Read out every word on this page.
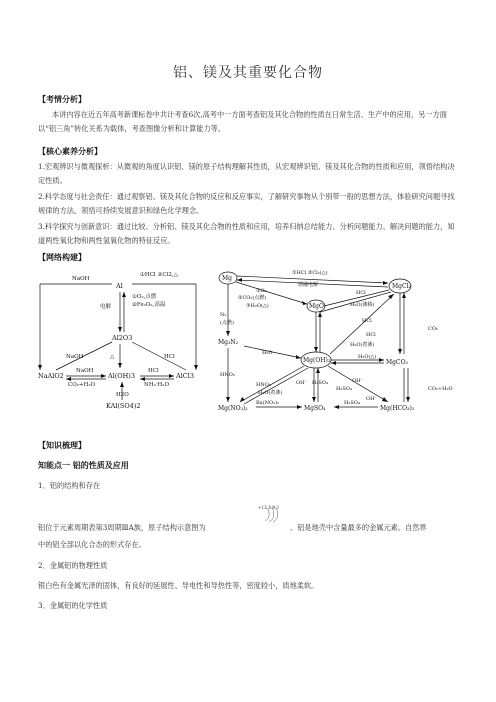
铝、镁及其重要化合物
【考情分析】
本讲内容在近五年高考新课标卷中共计考查6次,高考中一方面考查铝及其化合物的性质在日常生活、生产中的应用，另一方面以“铝三角”转化关系为载体，考查图像分析和计算能力等。
【核心素养分析】
1.宏观辨识与微观探析：从微观的角度认识铝、镁的原子结构理解其性质，从宏观辨识铝、镁及其化合物的性质和应用，领悟结构决定性质。
2.科学态度与社会责任：通过观察铝、镁及其化合物的反应和反应事实，了解研究事物从个别带一般的思想方法，体验研究问题寻找规律的方法，领悟可持续发展意识和绿色化学理念。
3.科学探究与创新意识：通过比较、分析铝、镁及其化合物的性质和应用，培养归纳总结能力、分析问题能力、解决问题的能力，知道两性氧化物和两性氢氧化物的特征反应。
【网络构建】
Al
Al2O3
NaAlO2	Al(OH)3	AlCl3
KAl(SO4)2
NaOH
①HCl ②Cl2,△
①O₂,点燃
②Fe₂O₃,高温
电解
NaOH	HCl
NaOH
CO₂+H₂O
HCl
NH₃·H₂O
△
H2O
Mg
MgCl₂
MgO
Mg(OH)₂
Mg₃N₂
MgCO₃
Mg(NO₃)₂	MgSO₄	Mg(HCO₃)₂
①HCl ②Cl₂(△)
熔融电解
①O₂
②CO₂(点燃)
③H₂O(△)
HCl
H₂O(沸腾)
HCl
N₂
(点燃)
H₂O
HCl
H₂O(煮沸)
H₂O(△)
CO₂
CO₂+H₂O
HNO₃
HNO₃
H₂O(煮沸)
OH⁻ H₂SO₄	OH⁻
H₂SO₄
Ba(NO₃)₂
OH⁻
H₂SO₄
【知识梳理】
知能点一 铝的性质及应用
1．铝的结构和存在
+13 2 8 3
铝位于元素周期表第3周期ⅢA族，原子结构示意图为	。铝是地壳中含量最多的金属元素。自然界
中的铝全部以化合态的形式存在。
2．金属铝的物理性质
银白色有金属光泽的固体，有良好的延展性、导电性和导热性等，密度较小，质地柔软。
3．金属铝的化学性质
